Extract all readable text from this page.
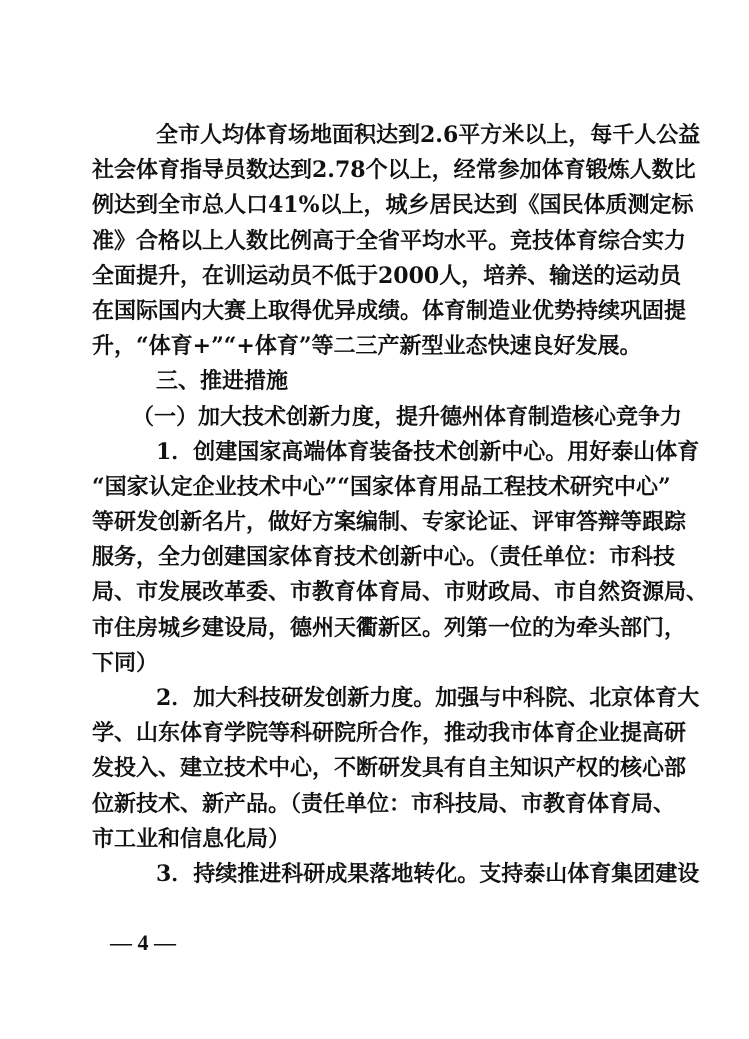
全市人均体育场地面积达到2.6平方米以上，每千人公益
社会体育指导员数达到2.78个以上，经常参加体育锻炼人数比
例达到全市总人口41%以上，城乡居民达到《国民体质测定标
准》合格以上人数比例高于全省平均水平。竞技体育综合实力
全面提升，在训运动员不低于2000人，培养、输送的运动员
在国际国内大赛上取得优异成绩。体育制造业优势持续巩固提
升，“体育+”“+体育”等二三产新型业态快速良好发展。
三、推进措施
（一）加大技术创新力度，提升德州体育制造核心竞争力
1．创建国家高端体育装备技术创新中心。用好泰山体育
“国家认定企业技术中心”“国家体育用品工程技术研究中心”
等研发创新名片，做好方案编制、专家论证、评审答辩等跟踪
服务，全力创建国家体育技术创新中心。（责任单位：市科技
局、市发展改革委、市教育体育局、市财政局、市自然资源局、
市住房城乡建设局，德州天衢新区。列第一位的为牵头部门，
下同）
2．加大科技研发创新力度。加强与中科院、北京体育大
学、山东体育学院等科研院所合作，推动我市体育企业提高研
发投入、建立技术中心，不断研发具有自主知识产权的核心部
位新技术、新产品。（责任单位：市科技局、市教育体育局、
市工业和信息化局）
3．持续推进科研成果落地转化。支持泰山体育集团建设
— 4 —
